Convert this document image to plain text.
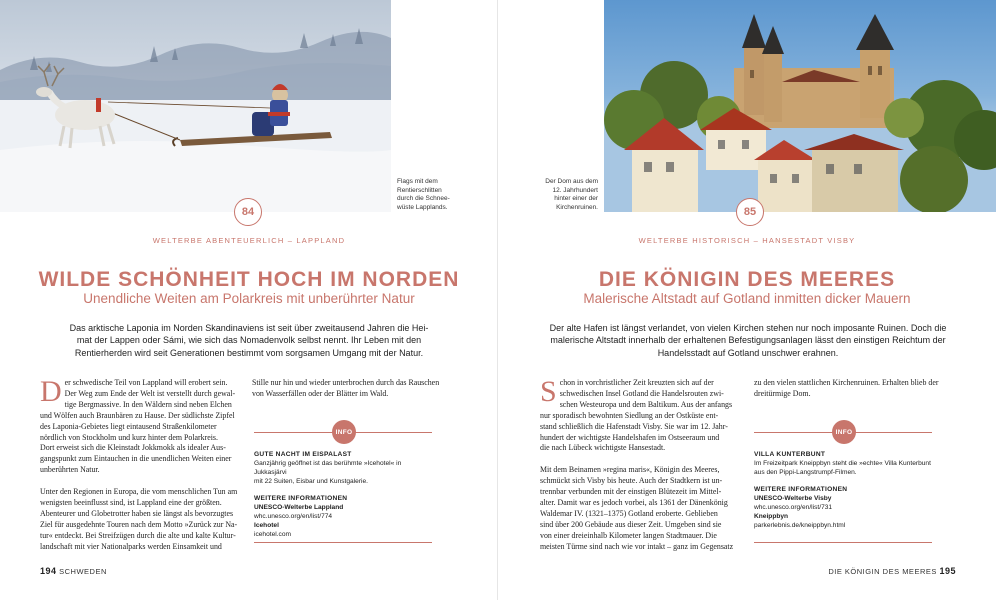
Flags mit dem
Rentierschlitten
durch die Schnee-
wüste Lapplands.
Der Dom aus dem
12. Jahrhundert
hinter einer der
Kirchenruinen.
84
WELTERBE ABENTEUERLICH – LAPPLAND
WILDE SCHÖNHEIT HOCH IM NORDEN
Unendliche Weiten am Polarkreis mit unberührter Natur
Das arktische Laponia im Norden Skandinaviens ist seit über zweitausend Jahren die Hei-
mat der Lappen oder Sámi, wie sich das Nomadenvolk selbst nennt. Ihr Leben mit den
Rentierherden wird seit Generationen bestimmt vom sorgsamen Umgang mit der Natur.

D er schwedische Teil von Lappland will erobert sein.
Der Weg zum Ende der Welt ist verstellt durch gewal-
tige Bergmassive. In den Wäldern sind neben Elchen
und Wölfen auch Braunbären zu Hause. Der südlichste Zipfel
des Laponia-Gebietes liegt eintausend Straßenkilometer
nördlich von Stockholm und kurz hinter dem Polarkreis.
Dort erweist sich die Kleinstadt Jokkmokk als idealer Aus-
gangspunkt zum Eintauchen in die unendlichen Weiten einer
unberührten Natur.

Unter den Regionen in Europa, die vom menschlichen Tun am
wenigsten beeinflusst sind, ist Lappland eine der größten.
Abenteurer und Globetrotter haben sie längst als bevorzugtes
Ziel für ausgedehnte Touren nach dem Motto »Zurück zur Na-
tur« entdeckt. Bei Streifzügen durch die alte und kalte Kultur-
landschaft mit vier Nationalparks werden Einsamkeit und

Stille nur hin und wieder unterbrochen durch das Rauschen
von Wasserfällen oder der Blätter im Wald.

INFO
GUTE NACHT IM EISPALAST
Ganzjährig geöffnet ist das berühmte »Icehotel« in Jukkasjärvi
mit 22 Suiten, Eisbar und Kunstgalerie.
WEITERE INFORMATIONEN
UNESCO-Welterbe Lappland
whc.unesco.org/en/list/774
Icehotel
icehotel.com
194 SCHWEDEN
85
WELTERBE HISTORISCH – HANSESTADT VISBY
DIE KÖNIGIN DES MEERES
Malerische Altstadt auf Gotland inmitten dicker Mauern
Der alte Hafen ist längst verlandet, von vielen Kirchen stehen nur noch imposante Ruinen. Doch die
malerische Altstadt innerhalb der erhaltenen Befestigungsanlagen lässt den einstigen Reichtum der
Handelsstadt auf Gotland unschwer erahnen.

S chon in vorchristlicher Zeit kreuzten sich auf der
schwedischen Insel Gotland die Handelsrouten zwi-
schen Westeuropa und dem Baltikum. Aus der anfangs
nur sporadisch bewohnten Siedlung an der Ostküste ent-
stand schließlich die Hafenstadt Visby. Sie war im 12. Jahr-
hundert der wichtigste Handelshafen im Ostseeraum und
die nach Lübeck wichtigste Hansestadt.

Mit dem Beinamen »regina maris«, Königin des Meeres,
schmückt sich Visby bis heute. Auch der Stadtkern ist un-
trennbar verbunden mit der einstigen Blütezeit im Mittel-
alter. Damit war es jedoch vorbei, als 1361 der Dänenkönig
Waldemar IV. (1321–1375) Gotland eroberte. Geblieben
sind über 200 Gebäude aus dieser Zeit. Umgeben sind sie
von einer dreieinhalb Kilometer langen Stadtmauer. Die
meisten Türme sind nach wie vor intakt – ganz im Gegensatz

zu den vielen stattlichen Kirchenruinen. Erhalten blieb der
dreitürmige Dom.

INFO
VILLA KUNTERBUNT
Im Freizeitpark Kneippbyn steht die »echte« Villa Kunterbunt
aus den Pippi-Langstrumpf-Filmen.
WEITERE INFORMATIONEN
UNESCO-Welterbe Visby
whc.unesco.org/en/list/731
Kneippbyn
parkerlebnis.de/kneippbyn.html
DIE KÖNIGIN DES MEERES 195
